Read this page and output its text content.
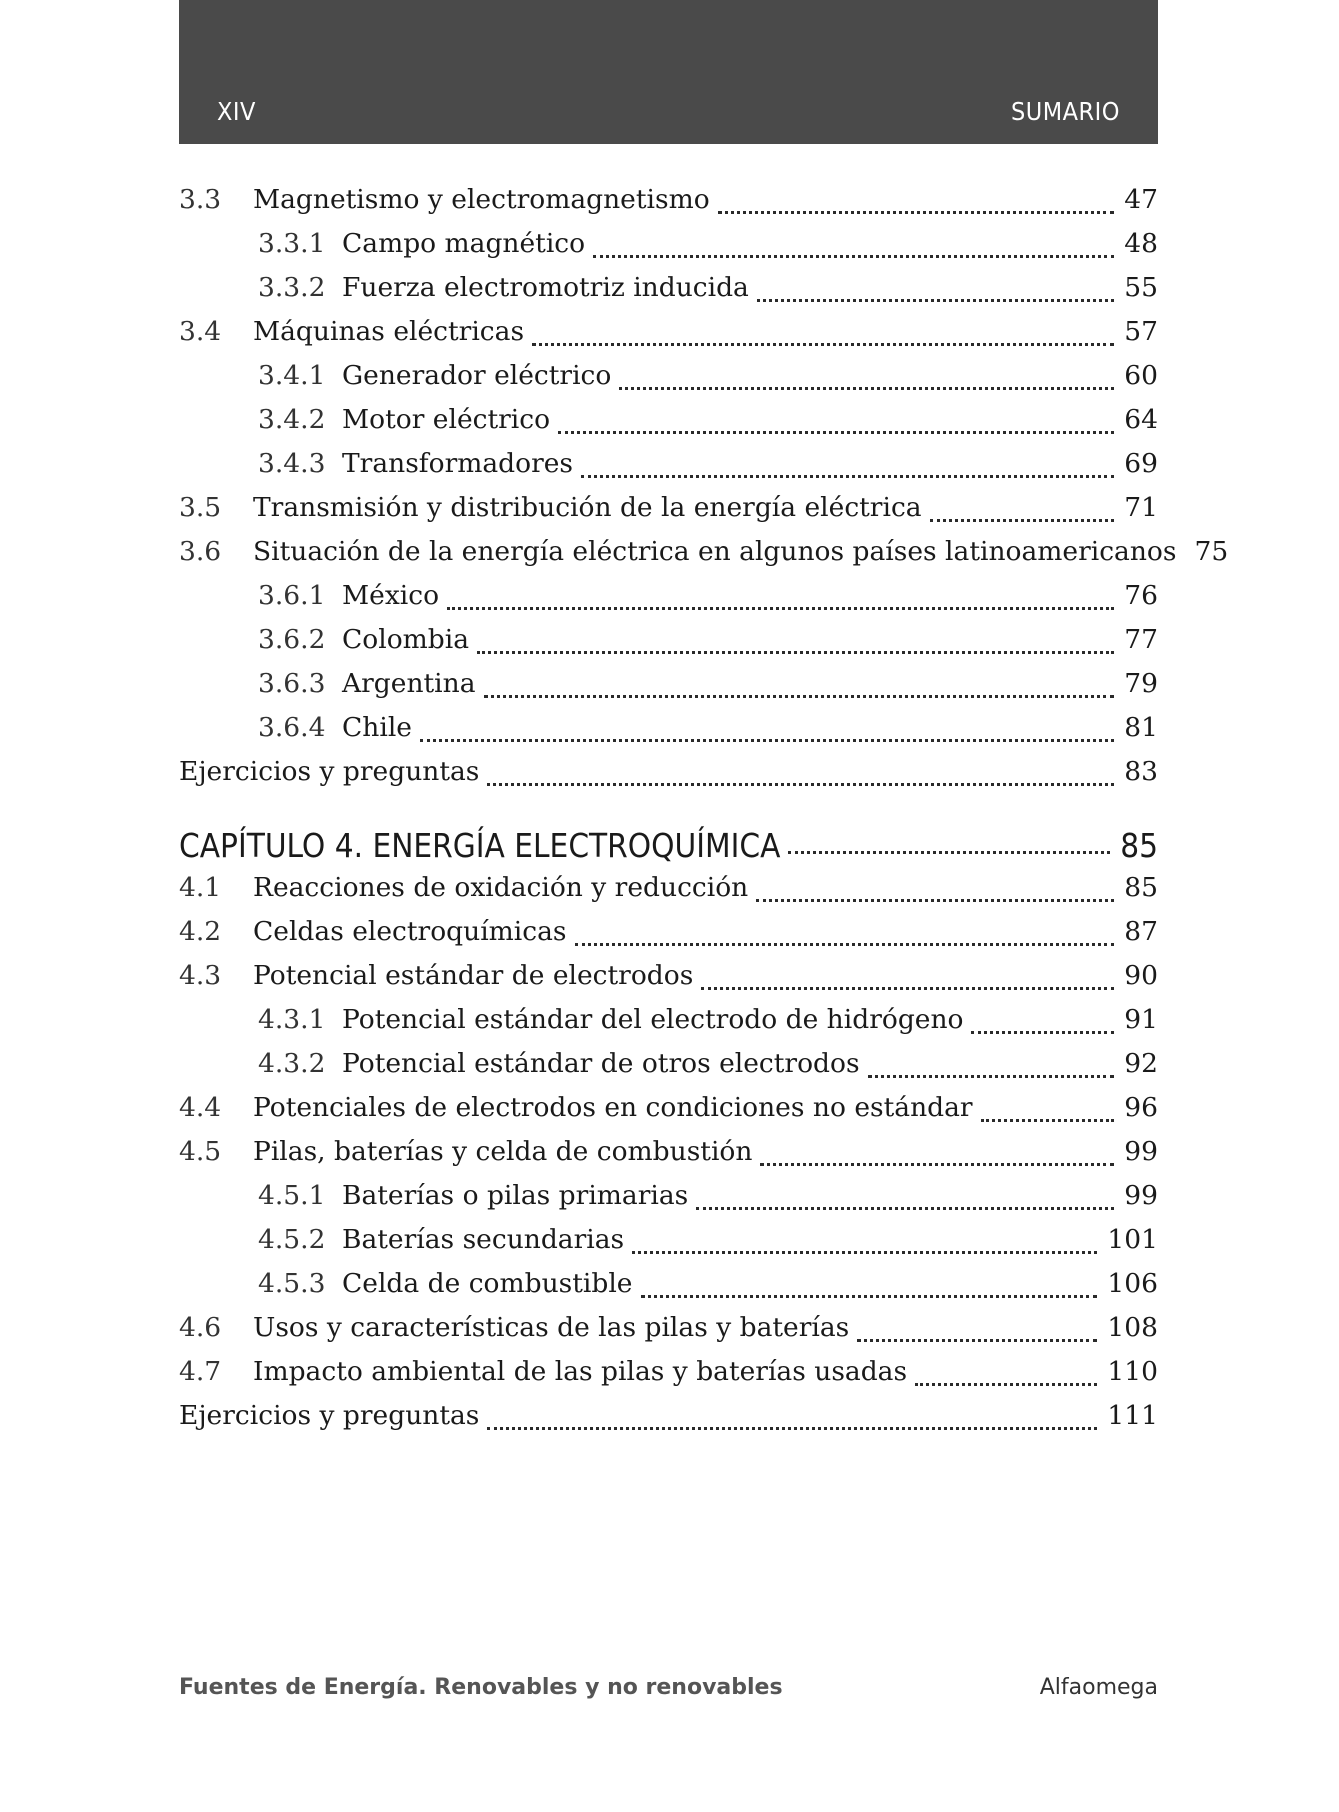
XIV	SUMARIO
3.3	Magnetismo y electromagnetismo	47
3.3.1 Campo magnético	48
3.3.2 Fuerza electromotriz inducida	55
3.4	Máquinas eléctricas	57
3.4.1 Generador eléctrico	60
3.4.2 Motor eléctrico	64
3.4.3 Transformadores	69
3.5	Transmisión y distribución de la energía eléctrica	71
3.6	Situación de la energía eléctrica en algunos países latinoamericanos 75
3.6.1 México	76
3.6.2 Colombia	77
3.6.3 Argentina	79
3.6.4 Chile	81
Ejercicios y preguntas	83
CAPÍTULO 4. ENERGÍA ELECTROQUÍMICA	85
4.1	Reacciones de oxidación y reducción	85
4.2	Celdas electroquímicas	87
4.3	Potencial estándar de electrodos	90
4.3.1 Potencial estándar del electrodo de hidrógeno	91
4.3.2 Potencial estándar de otros electrodos	92
4.4	Potenciales de electrodos en condiciones no estándar	96
4.5	Pilas, baterías y celda de combustión	99
4.5.1 Baterías o pilas primarias	99
4.5.2 Baterías secundarias	101
4.5.3 Celda de combustible	106
4.6	Usos y características de las pilas y baterías	108
4.7	Impacto ambiental de las pilas y baterías usadas	110
Ejercicios y preguntas	111
Fuentes de Energía. Renovables y no renovables	Alfaomega
